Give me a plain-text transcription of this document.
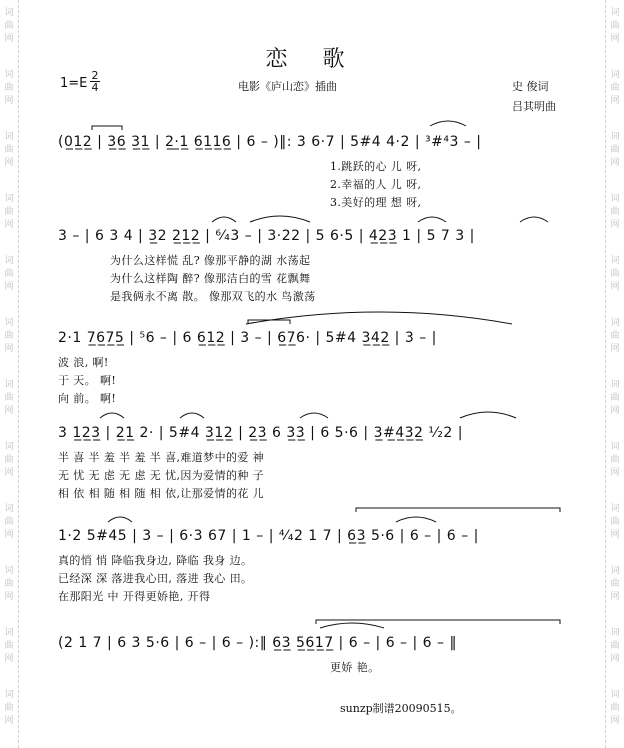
词
曲
网
词
曲
网
词
曲
网
词
曲
网
词
曲
网
词
曲
网
词
曲
网
词
曲
网
词
曲
网
词
曲
网
词
曲
网
词
曲
网
词
曲
网
词
曲
网
词
曲
网
词
曲
网
词
曲
网
词
曲
网
词
曲
网
词
曲
网
词
曲
网
词
曲
网
词
曲
网
词
曲
网
恋 歌
1=E
2
4	电影《庐山恋》插曲	史 俊词
吕其明曲
(0̲1̲2̲ | 3̲6̲ 3̲1̲ | 2̲·̲1̲ 6̲1̲1̲6̲ | 6 – )‖: 3 6·7 | 5#4 4·2 | ³#⁴3 – |
1.跳跃的心 儿 呀,
2.幸福的人 儿 呀,
3.美好的理 想 呀,
3 – | 6 3 4 | 3̲2 2̲1̲2̲ | ⁶⁄₄3 – | 3·22 | 5 6·5 | 4̲2̲3̲ 1 | 5 7 3 |
为什么这样慌 乱? 像那平静的湖 水荡起
为什么这样陶 醉? 像那洁白的雪 花飘舞
是我俩永不离 散。 像那双飞的水 鸟激荡
2·1 7̲6̲7̲5̲ | ⁵6 – | 6 6̲1̲2̲ | 3 – | 6̲7̲6· | 5#4 3̲4̲2̲ | 3 – |
波 浪, 啊!
于 天。 啊!
向 前。 啊!
3 1̲2̲3̲ | 2̲1̲ 2· | 5#4 3̲1̲2̲ | 2̲3̲ 6 3̲3̲ | 6 5·6 | 3̲#̲4̲3̲2̲ ¹⁄₂2 |
半 喜 半 羞 半 羞 半 喜,难道梦中的爱 神
无 忧 无 虑 无 虑 无 忧,因为爱情的种 子
相 依 相 随 相 随 相 依,让那爱情的花 儿
1·2 5#45 | 3 – | 6·3 67 | 1 – | ⁴⁄₄2 1 7 | 6̲3̲ 5·6 | 6 – | 6 – |
真的悄 悄 降临我身边, 降临 我身 边。
已经深 深 落进我心田, 落进 我心 田。
在那阳光 中 开得更娇艳, 开得
(2 1 7 | 6 3 5·6 | 6 – | 6 – ):‖ 6̲3̲ 5̲6̲1̲7̲ | 6 – | 6 – | 6 – ‖
更娇 艳。
sunzp制谱20090515。
